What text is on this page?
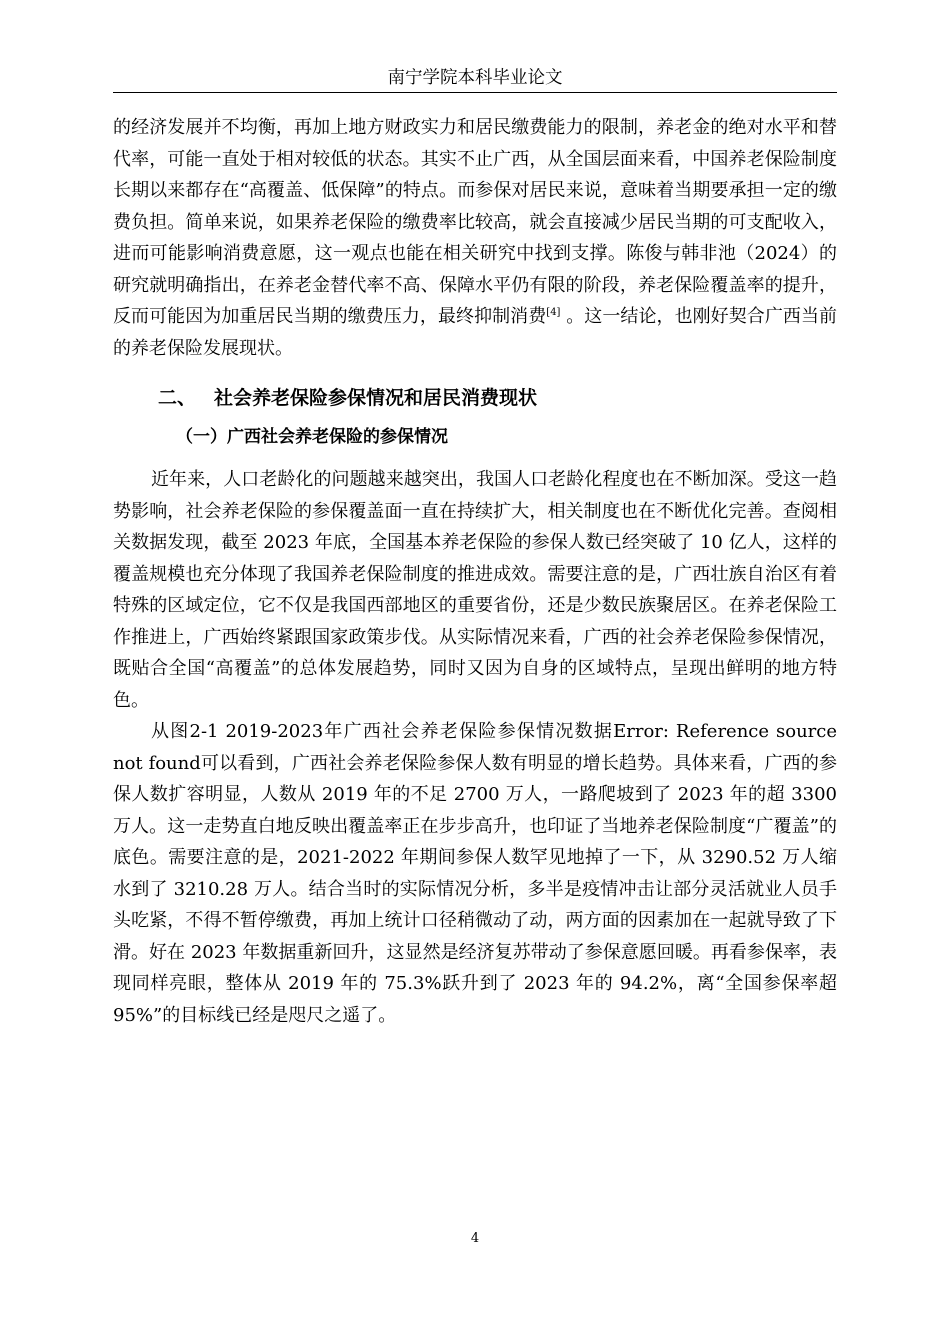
南宁学院本科毕业论文

的经济发展并不均衡，再加上地方财政实力和居民缴费能力的限制，养老金的绝对水平和替代率，可能一直处于相对较低的状态。其实不止广西，从全国层面来看，中国养老保险制度长期以来都存在“高覆盖、低保障”的特点。而参保对居民来说，意味着当期要承担一定的缴费负担。简单来说，如果养老保险的缴费率比较高，就会直接减少居民当期的可支配收入，进而可能影响消费意愿，这一观点也能在相关研究中找到支撑。陈俊与韩非池（2024）的研究就明确指出，在养老金替代率不高、保障水平仍有限的阶段，养老保险覆盖率的提升，反而可能因为加重居民当期的缴费压力，最终抑制消费[4] 。这一结论，也刚好契合广西当前的养老保险发展现状。

二、 社会养老保险参保情况和居民消费现状
（一）广西社会养老保险的参保情况

近年来，人口老龄化的问题越来越突出，我国人口老龄化程度也在不断加深。受这一趋势影响，社会养老保险的参保覆盖面一直在持续扩大，相关制度也在不断优化完善。查阅相关数据发现，截至 2023 年底，全国基本养老保险的参保人数已经突破了 10 亿人，这样的覆盖规模也充分体现了我国养老保险制度的推进成效。需要注意的是，广西壮族自治区有着特殊的区域定位，它不仅是我国西部地区的重要省份，还是少数民族聚居区。在养老保险工作推进上，广西始终紧跟国家政策步伐。从实际情况来看，广西的社会养老保险参保情况，既贴合全国“高覆盖”的总体发展趋势，同时又因为自身的区域特点，呈现出鲜明的地方特色。

从图2-1 2019-2023年广西社会养老保险参保情况数据Error: Reference source not found可以看到，广西社会养老保险参保人数有明显的增长趋势。具体来看，广西的参保人数扩容明显，人数从 2019 年的不足 2700 万人，一路爬坡到了 2023 年的超 3300 万人。这一走势直白地反映出覆盖率正在步步高升，也印证了当地养老保险制度“广覆盖”的底色。需要注意的是，2021-2022 年期间参保人数罕见地掉了一下，从 3290.52 万人缩水到了 3210.28 万人。结合当时的实际情况分析，多半是疫情冲击让部分灵活就业人员手头吃紧，不得不暂停缴费，再加上统计口径稍微动了动，两方面的因素加在一起就导致了下滑。好在 2023 年数据重新回升，这显然是经济复苏带动了参保意愿回暖。再看参保率，表现同样亮眼，整体从 2019 年的 75.3%跃升到了 2023 年的 94.2%，离“全国参保率超 95%”的目标线已经是咫尺之遥了。

4
